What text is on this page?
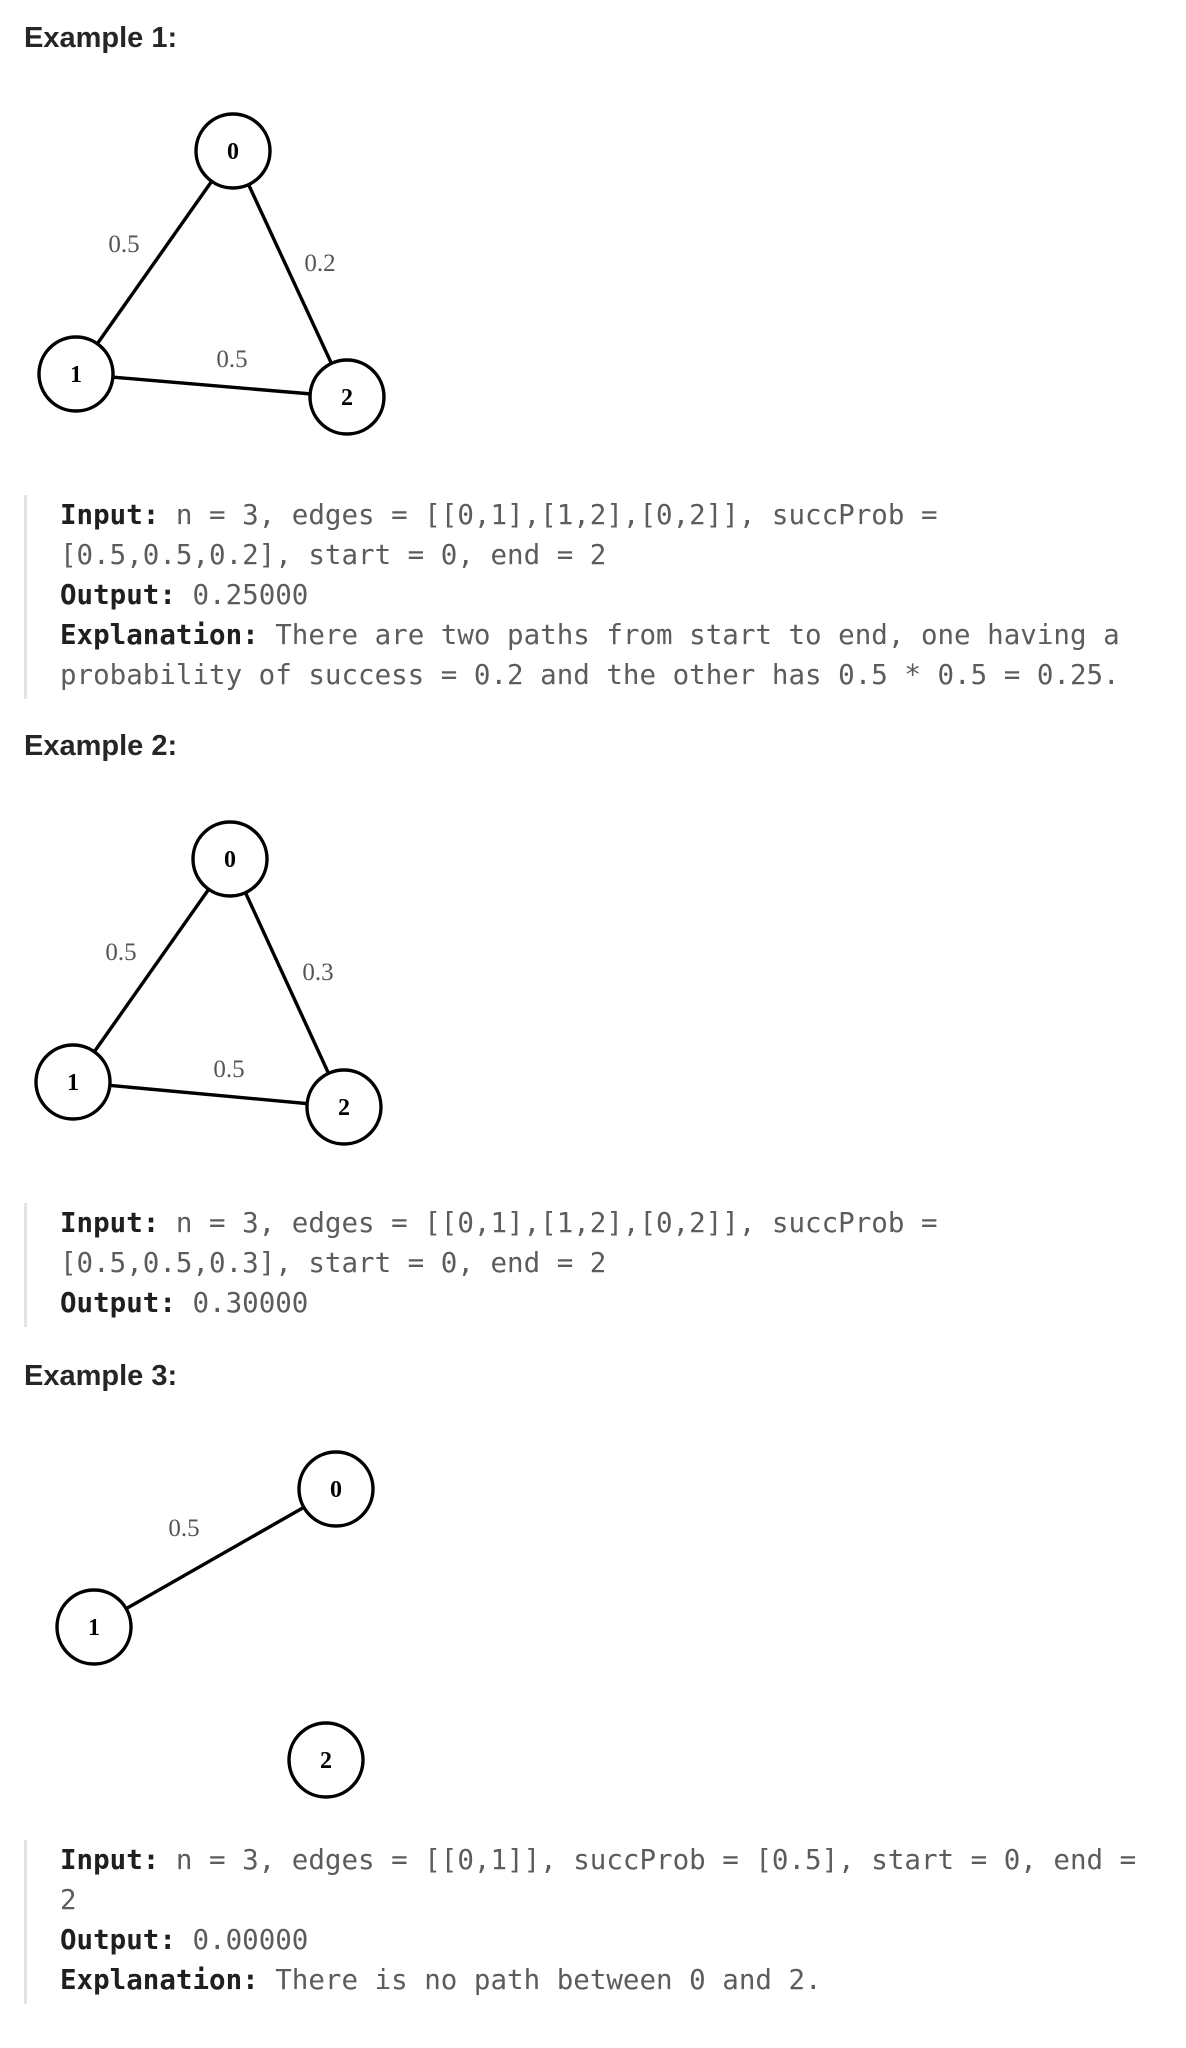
Example 1:
0
1
2
0.5
0.2
0.5
Input: n = 3, edges = [[0,1],[1,2],[0,2]], succProb =
[0.5,0.5,0.2], start = 0, end = 2
Output: 0.25000
Explanation: There are two paths from start to end, one having a
probability of success = 0.2 and the other has 0.5 * 0.5 = 0.25.
Example 2:
0
1
2
0.5
0.3
0.5
Input: n = 3, edges = [[0,1],[1,2],[0,2]], succProb =
[0.5,0.5,0.3], start = 0, end = 2
Output: 0.30000
Example 3:
0
1
2
0.5
Input: n = 3, edges = [[0,1]], succProb = [0.5], start = 0, end =
2
Output: 0.00000
Explanation: There is no path between 0 and 2.
